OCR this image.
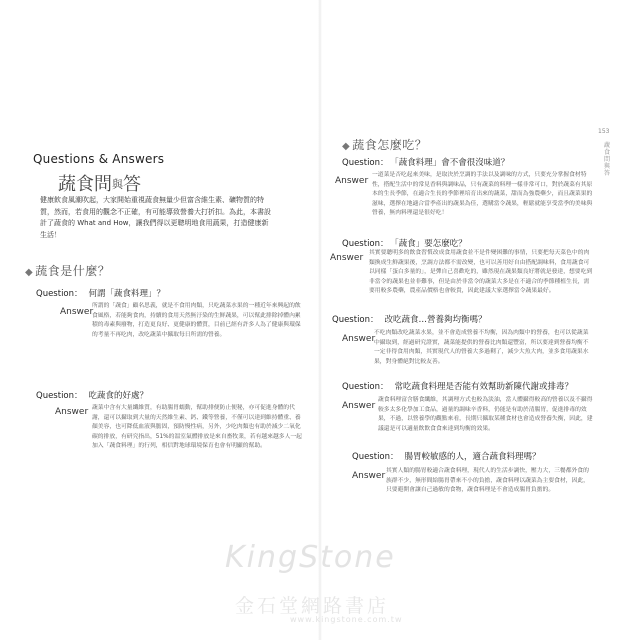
Questions & Answers
蔬食問與答
健康飲食風潮吹起，大家開始重視蔬食無量少但富含維生素、礦物質的特質，然而，若食用的觀念不正確，有可能導致營養大打折扣。為此，本書設計了蔬食的 What and How，讓我們得以更聰明地食用蔬果，打造健康新生活！
◆ 蔬食是什麼？
Question： 何謂「蔬食料理」？
Answer
所謂的「蔬食」顧名思義，就是不食用肉類，只吃蔬菜水果的一種近年來興起的飲食風格，若能夠食肉，持續的食用天然無汙染的生鮮蔬果，可以幫此排除掉體內累積的毒素與廢物，打造更良好、更健康的體質，目前已經有許多人為了健康與環保的考量不再吃肉，改吃蔬菜中攝取每日所需的營養。
Question： 吃蔬食的好處？
Answer 蔬菜中含有大量纖維質，有助腸胃蠕動，幫助排便防止便秘，亦可促進身體的代謝，還可以攝取到大量的天然維生素、鈣、鐵等營養，不僅可以達到維持體重、養顏美容，也可降低血液與膽固，預防慢性病，另外，少吃肉類也有助於減少二氧化碳的排放，有研究指出，51%的溫室氣體排放是來自畜牧業，若有越來越多人一起加入「蔬食料理」的行列，相信對地球環境保育也會有明顯的幫助。
◆ 蔬食怎麼吃？
Question： 「蔬食料理」會不會很沒味道？
Answer
一道菜是否吃起來美味，是取決於烹調的手法以及調味的方式，只要充分掌握食材特性，搭配生活中的常見香料與調味品，只有蔬菜的料理一樣非常可口，對於蔬菜有其原本的生長季節，在適合生長的季節裡培育出來的蔬菜，甜而為強農藥少，而且蔬菜果的滋味，選擇在地適合當季產出的蔬果為佳，選購當令蔬果，輕鬆就能享受當季的美味與營養，無肉料理還是很好吃！
Question： 「蔬食」要怎麼吃？
Answer 其實要聰明多的飲食習慣改成食用蔬食並不是件變困難的事情，只要把每天菜色中的肉類換成生鮮蔬果後，烹調方法都不需改變，也可以善用好自由搭配調味料，食用蔬食可以同樣「蛋白多量的」，是彈自己喜歡吃的，雖然現在蔬果類良好將就是發達，想要吃到非當令的蔬果也並非難事，但是由於非當令的蔬菜大多是在不適合的季節種植生長，需要用較多農藥，農產品價格也會較貴，因此建議大家選擇當令蔬果最好。
Question： 改吃蔬食…營養夠均衡嗎？
Answer
不吃肉類改吃蔬菜水果，並不會造成營養不均衡，因為肉類中的營養，也可以從蔬菜中攝取到，經過研究證實，蔬菜能提供的營養比肉類還豐富，所以要達到營養均衡不一定非得食用肉類，其實現代人的營養大多過剩了，減少大魚大肉，並多食用蔬果水果，對身體絕對比較友善。
Question： 常吃蔬食料理是否能有效幫助新陳代謝或排毒？
Answer
蔬食料理富含膳食纖維，其調理方式也較為淡油，當人體攝得較高的營養以及不攝得較多太多化學加工食品，過量的調味辛香料，仍能是有助於清腸胃，促進排毒的效果，不過，以營養學的觀點來看，長期只攝取某種食材也會造成營養失衡，因此，建議還是可以適量飲飲食食來達到均衡的效果。
Question： 腸胃較敏感的人，適合蔬食料理嗎？
Answer 其實人類的腸胃較適合蔬食料理，現代人的生活步調快，壓力大，三餐都外食的族群不少，無形間給腸胃帶來不小的負擔，蔬食料理以蔬菜為主要食材，因此，只要避開會讓自己過敏的食物，蔬食料理是不會造成腸胃負擔的。
153
蔬食問與答
KingStone
金石堂網路書店
www.kingstone.com.tw
